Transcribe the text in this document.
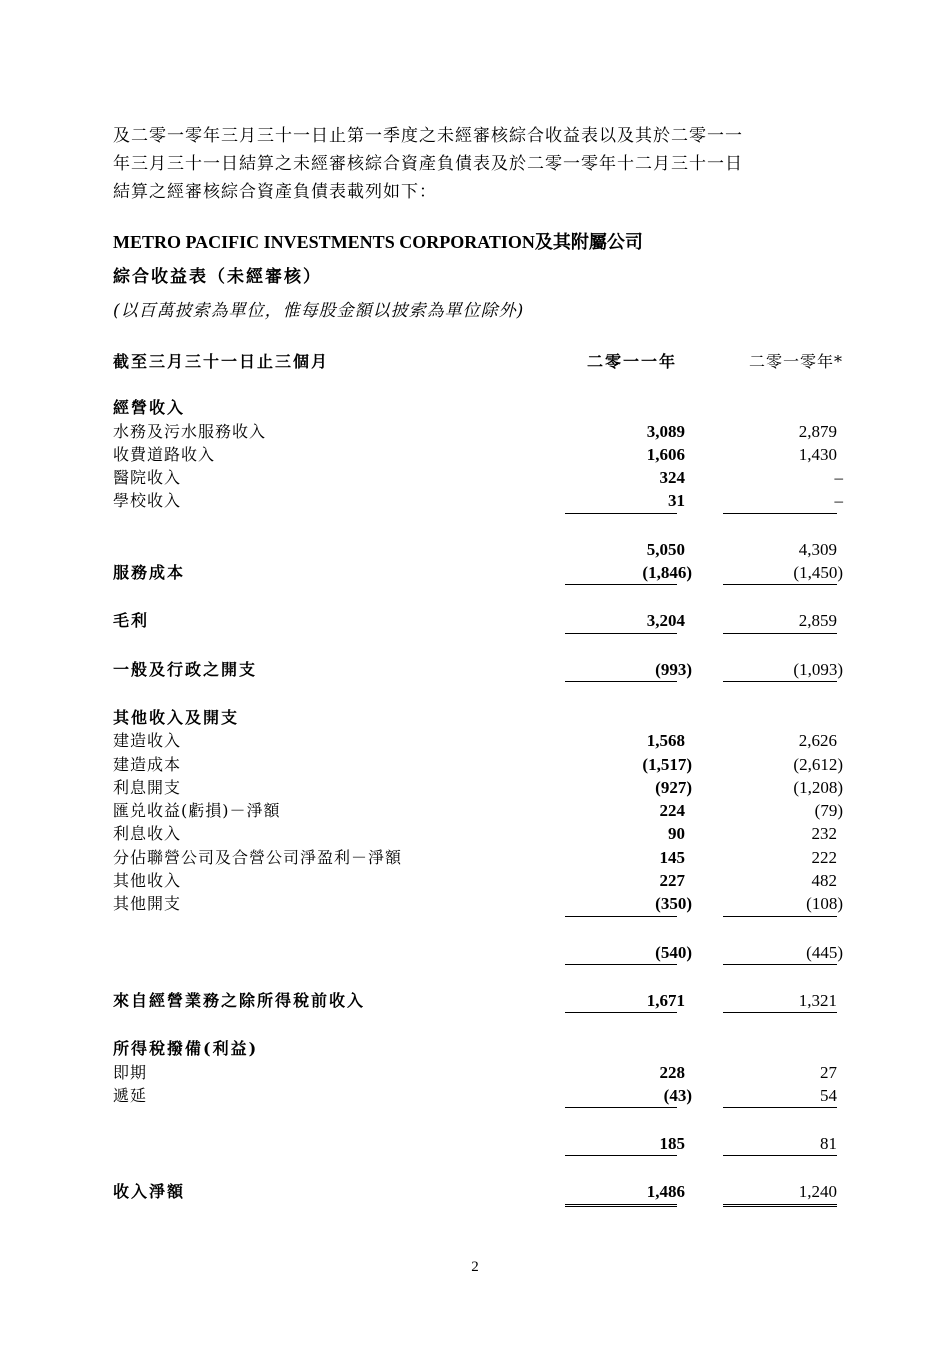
及二零一零年三月三十一日止第一季度之未經審核綜合收益表以及其於二零一一

年三月三十一日結算之未經審核綜合資產負債表及於二零一零年十二月三十一日

結算之經審核綜合資產負債表載列如下：

METRO PACIFIC INVESTMENTS CORPORATION及其附屬公司
綜合收益表（未經審核）
(以百萬披索為單位，惟每股金額以披索為單位除外)
截至三月三十一日止三個月	二零一一年	二零一零年*
經營收入
水務及污水服務收入	3,089	2,879
收費道路收入	1,606	1,430
醫院收入	324	–
學校收入	31	–
5,050	4,309
服務成本	(1,846)	(1,450)
毛利	3,204	2,859
一般及行政之開支	(993)	(1,093)
其他收入及開支
建造收入	1,568	2,626
建造成本	(1,517)	(2,612)
利息開支	(927)	(1,208)
匯兑收益(虧損)－淨額	224	(79)
利息收入	90	232
分佔聯營公司及合營公司淨盈利－淨額	145	222
其他收入	227	482
其他開支	(350)	(108)
(540)	(445)
來自經營業務之除所得稅前收入	1,671	1,321
所得稅撥備(利益)
即期	228	27
遞延	(43)	54
185	81
收入淨額	1,486	1,240
2
